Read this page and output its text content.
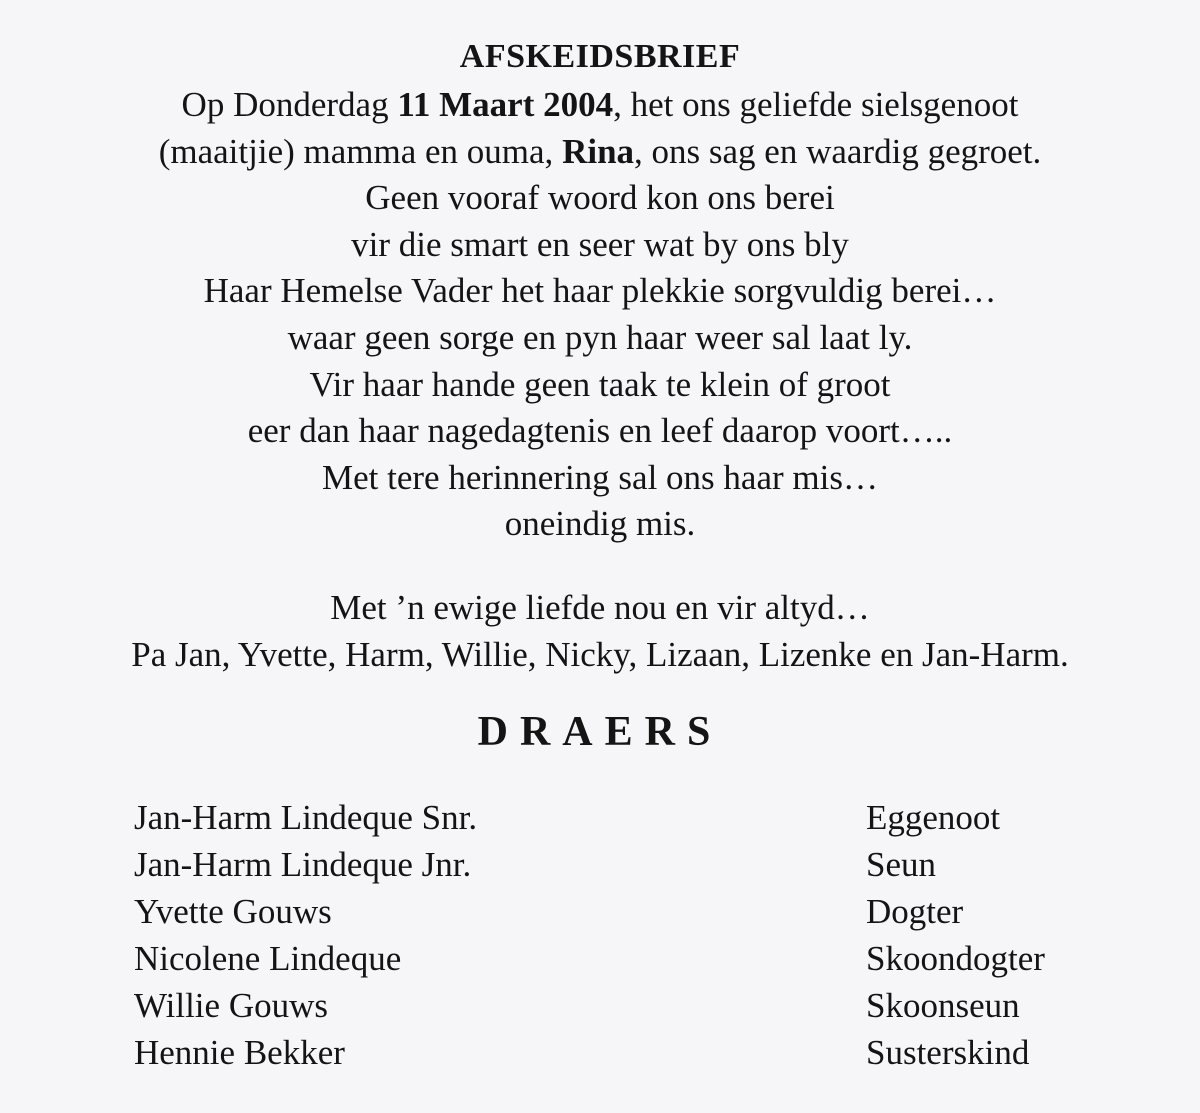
AFSKEIDSBRIEF
Op Donderdag 11 Maart 2004, het ons geliefde sielsgenoot
(maaitjie) mamma en ouma, Rina, ons sag en waardig gegroet.
Geen vooraf woord kon ons berei
vir die smart en seer wat by ons bly
Haar Hemelse Vader het haar plekkie sorgvuldig berei…
waar geen sorge en pyn haar weer sal laat ly.
Vir haar hande geen taak te klein of groot
eer dan haar nagedagtenis en leef daarop voort…..
Met tere herinnering sal ons haar mis…
oneindig mis.
Met ’n ewige liefde nou en vir altyd…
Pa Jan, Yvette, Harm, Willie, Nicky, Lizaan, Lizenke en Jan-Harm.
DRAERS
Jan-Harm Lindeque Snr.	Eggenoot
Jan-Harm Lindeque Jnr.	Seun
Yvette Gouws	Dogter
Nicolene Lindeque	Skoondogter
Willie Gouws	Skoonseun
Hennie Bekker	Susterskind
